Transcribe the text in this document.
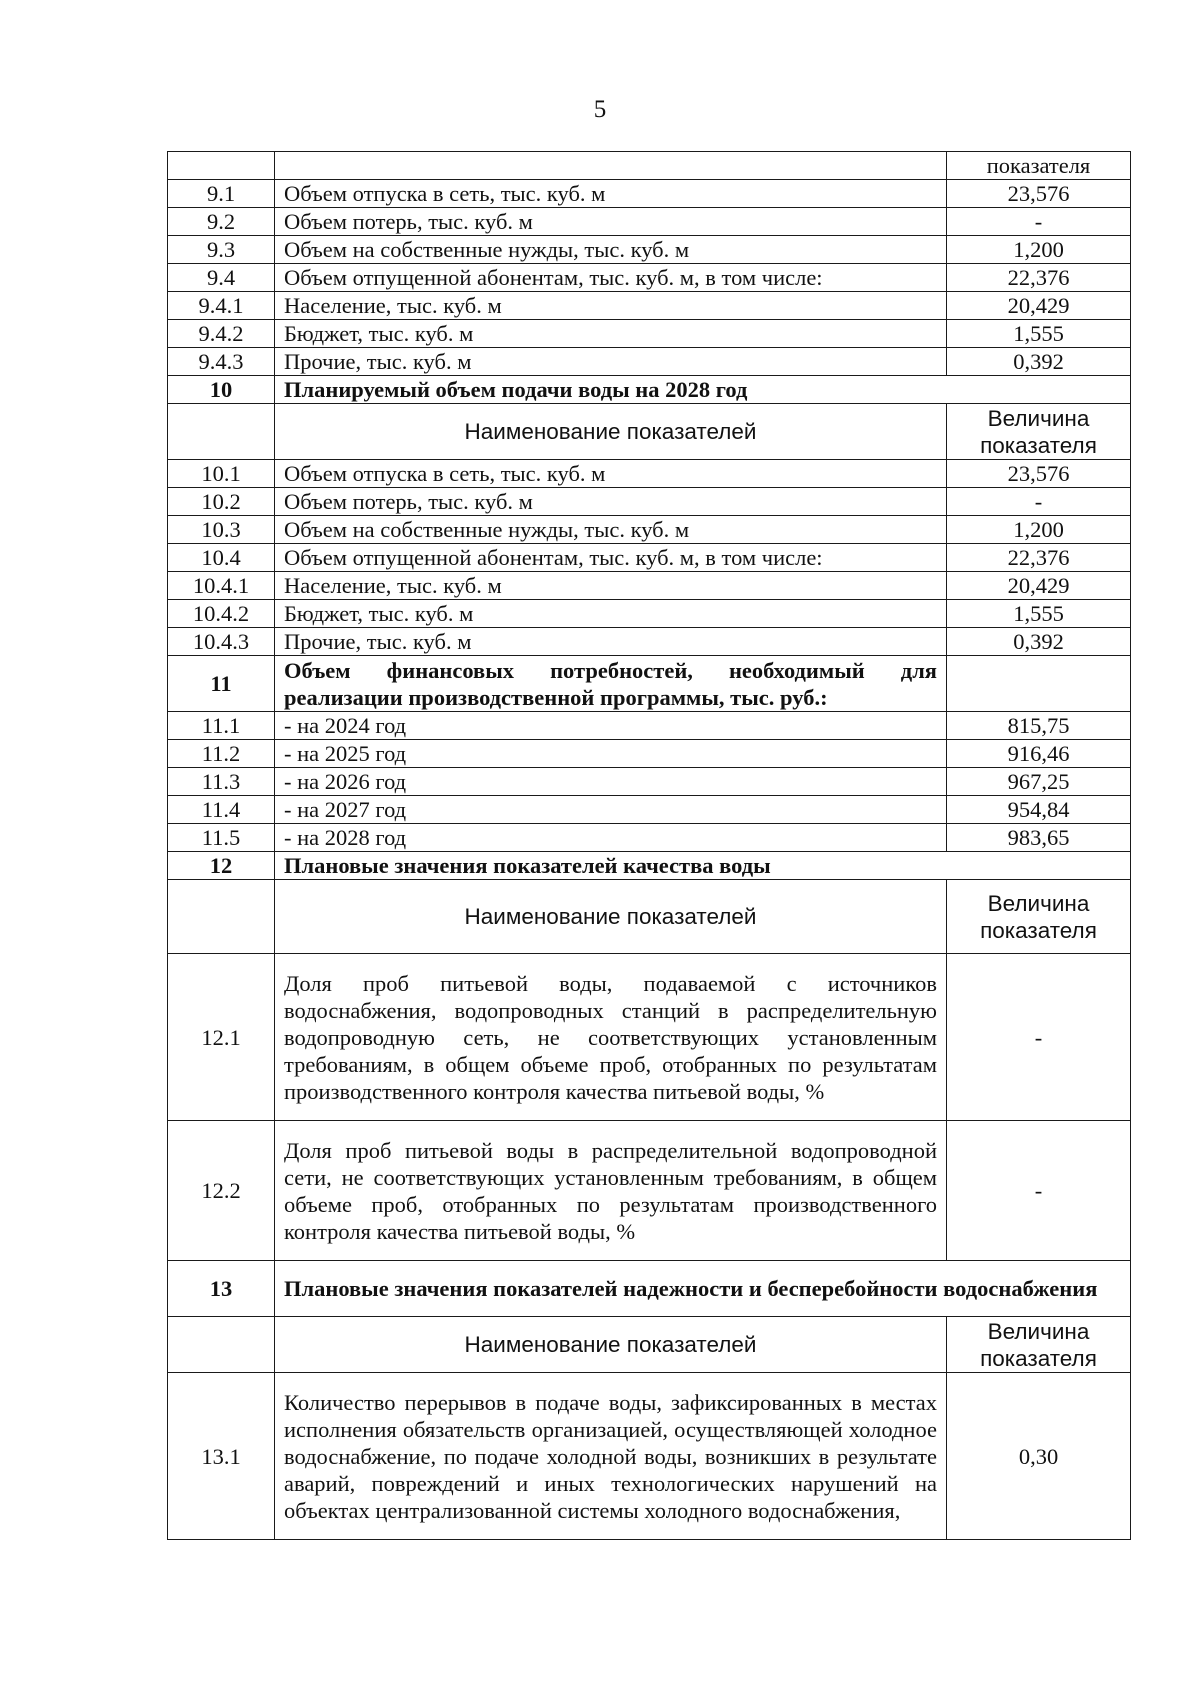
5
		показателя
9.1	Объем отпуска в сеть, тыс. куб. м	23,576
9.2	Объем потерь, тыс. куб. м	-
9.3	Объем на собственные нужды, тыс. куб. м	1,200
9.4	Объем отпущенной абонентам, тыс. куб. м, в том числе:	22,376
9.4.1	Население, тыс. куб. м	20,429
9.4.2	Бюджет, тыс. куб. м	1,555
9.4.3	Прочие, тыс. куб. м	0,392
10	Планируемый объем подачи воды на 2028 год	
	Наименование показателей	Величина
показателя
10.1	Объем отпуска в сеть, тыс. куб. м	23,576
10.2	Объем потерь, тыс. куб. м	-
10.3	Объем на собственные нужды, тыс. куб. м	1,200
10.4	Объем отпущенной абонентам, тыс. куб. м, в том числе:	22,376
10.4.1	Население, тыс. куб. м	20,429
10.4.2	Бюджет, тыс. куб. м	1,555
10.4.3	Прочие, тыс. куб. м	0,392
11	Объем финансовых потребностей, необходимый для реализации производственной программы, тыс. руб.:	
11.1	- на 2024 год	815,75
11.2	- на 2025 год	916,46
11.3	- на 2026 год	967,25
11.4	- на 2027 год	954,84
11.5	- на 2028 год	983,65
12	Плановые значения показателей качества воды	
	Наименование показателей	Величина
показателя
12.1	Доля проб питьевой воды, подаваемой с источников водоснабжения, водопроводных станций в распределительную водопроводную сеть, не соответствующих установленным требованиям, в общем объеме проб, отобранных по результатам производственного контроля качества питьевой воды, %	-
12.2	Доля проб питьевой воды в распределительной водопроводной сети, не соответствующих установленным требованиям, в общем объеме проб, отобранных по результатам производственного контроля качества питьевой воды, %	-
13	Плановые значения показателей надежности и бесперебойности водоснабжения	
	Наименование показателей	Величина
показателя
13.1	Количество перерывов в подаче воды, зафиксированных в местах исполнения обязательств организацией, осуществляющей холодное водоснабжение, по подаче холодной воды, возникших в результате аварий, повреждений и иных технологических нарушений на объектах централизованной системы холодного водоснабжения,	0,30
